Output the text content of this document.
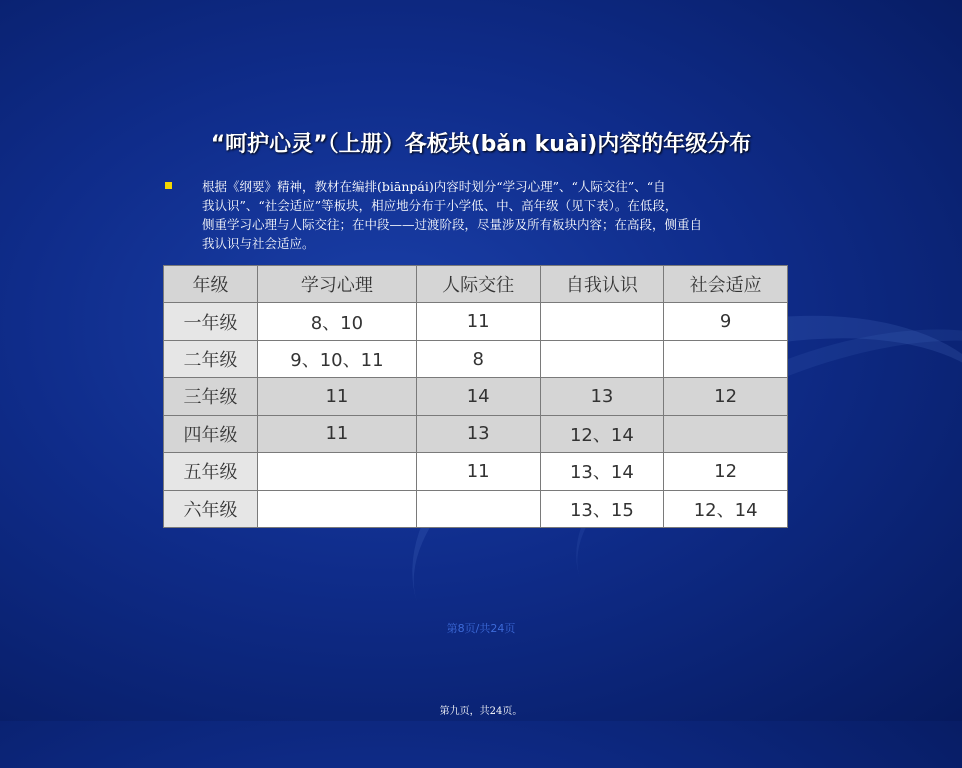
“呵护心灵”（上册）各板块(bǎn kuài)内容的年级分布
根据《纲要》精神，教材在编排(biānpái)内容时划分“学习心理”、“人际交往”、“自
我认识”、“社会适应”等板块，相应地分布于小学低、中、高年级（见下表）。在低段，
侧重学习心理与人际交往；在中段——过渡阶段，尽量涉及所有板块内容；在高段，侧重自
我认识与社会适应。
年级	学习心理	人际交往	自我认识	社会适应
一年级	8、10	11		9
二年级	9、10、11	8		
三年级	11	14	13	12
四年级	11	13	12、14	
五年级		11	13、14	12
六年级			13、15	12、14
第8页/共24页
第九页，共24页。
